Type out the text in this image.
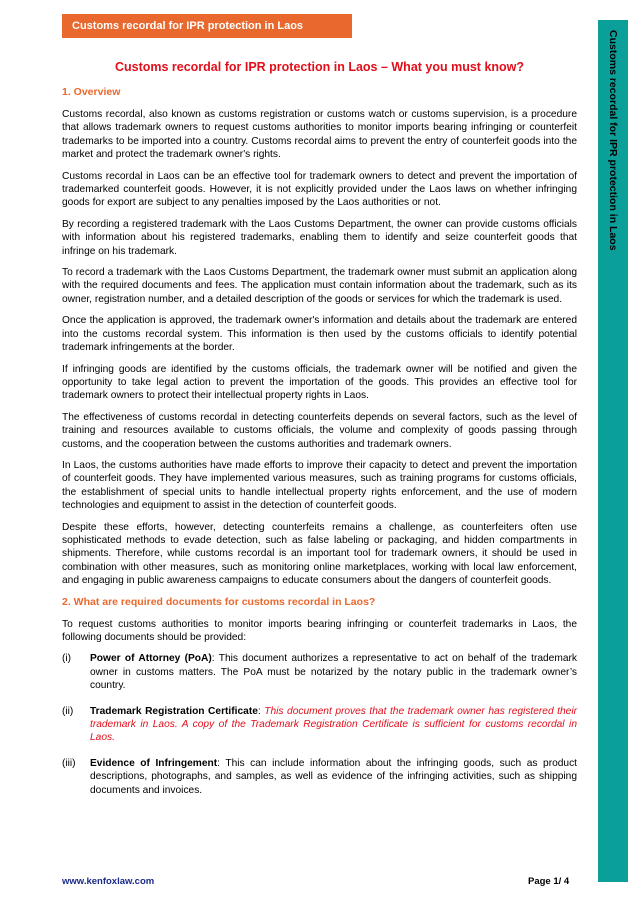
Customs recordal for IPR protection in Laos
Customs recordal for IPR protection in Laos
Customs recordal for IPR protection in Laos – What you must know?
1. Overview

Customs recordal, also known as customs registration or customs watch or customs supervision, is a procedure that allows trademark owners to request customs authorities to monitor imports bearing infringing or counterfeit trademarks to be imported into a country. Customs recordal aims to prevent the entry of counterfeit goods into the market and protect the trademark owner's rights.

Customs recordal in Laos can be an effective tool for trademark owners to detect and prevent the importation of trademarked counterfeit goods. However, it is not explicitly provided under the Laos laws on whether infringing goods for export are subject to any penalties imposed by the Laos authorities or not.

By recording a registered trademark with the Laos Customs Department, the owner can provide customs officials with information about his registered trademarks, enabling them to identify and seize counterfeit goods that infringe on his trademark.

To record a trademark with the Laos Customs Department, the trademark owner must submit an application along with the required documents and fees. The application must contain information about the trademark, such as its owner, registration number, and a detailed description of the goods or services for which the trademark is used.

Once the application is approved, the trademark owner's information and details about the trademark are entered into the customs recordal system. This information is then used by the customs officials to identify potential trademark infringements at the border.

If infringing goods are identified by the customs officials, the trademark owner will be notified and given the opportunity to take legal action to prevent the importation of the goods. This provides an effective tool for trademark owners to protect their intellectual property rights in Laos.

The effectiveness of customs recordal in detecting counterfeits depends on several factors, such as the level of training and resources available to customs officials, the volume and complexity of goods passing through customs, and the cooperation between the customs authorities and trademark owners.

In Laos, the customs authorities have made efforts to improve their capacity to detect and prevent the importation of counterfeit goods. They have implemented various measures, such as training programs for customs officials, the establishment of special units to handle intellectual property rights enforcement, and the use of modern technologies and equipment to assist in the detection of counterfeit goods.

Despite these efforts, however, detecting counterfeits remains a challenge, as counterfeiters often use sophisticated methods to evade detection, such as false labeling or packaging, and hidden compartments in shipments. Therefore, while customs recordal is an important tool for trademark owners, it should be used in combination with other measures, such as monitoring online marketplaces, working with local law enforcement, and engaging in public awareness campaigns to educate consumers about the dangers of counterfeit goods.

2. What are required documents for customs recordal in Laos?

To request customs authorities to monitor imports bearing infringing or counterfeit trademarks in Laos, the following documents should be provided:

(i)	Power of Attorney (PoA): This document authorizes a representative to act on behalf of the trademark owner in customs matters. The PoA must be notarized by the notary public in the trademark owner’s country.
(ii)	Trademark Registration Certificate: This document proves that the trademark owner has registered their trademark in Laos. A copy of the Trademark Registration Certificate is sufficient for customs recordal in Laos.
(iii)	Evidence of Infringement: This can include information about the infringing goods, such as product descriptions, photographs, and samples, as well as evidence of the infringing activities, such as shipping documents and invoices.
www.kenfoxlaw.com	Page 1/ 4
